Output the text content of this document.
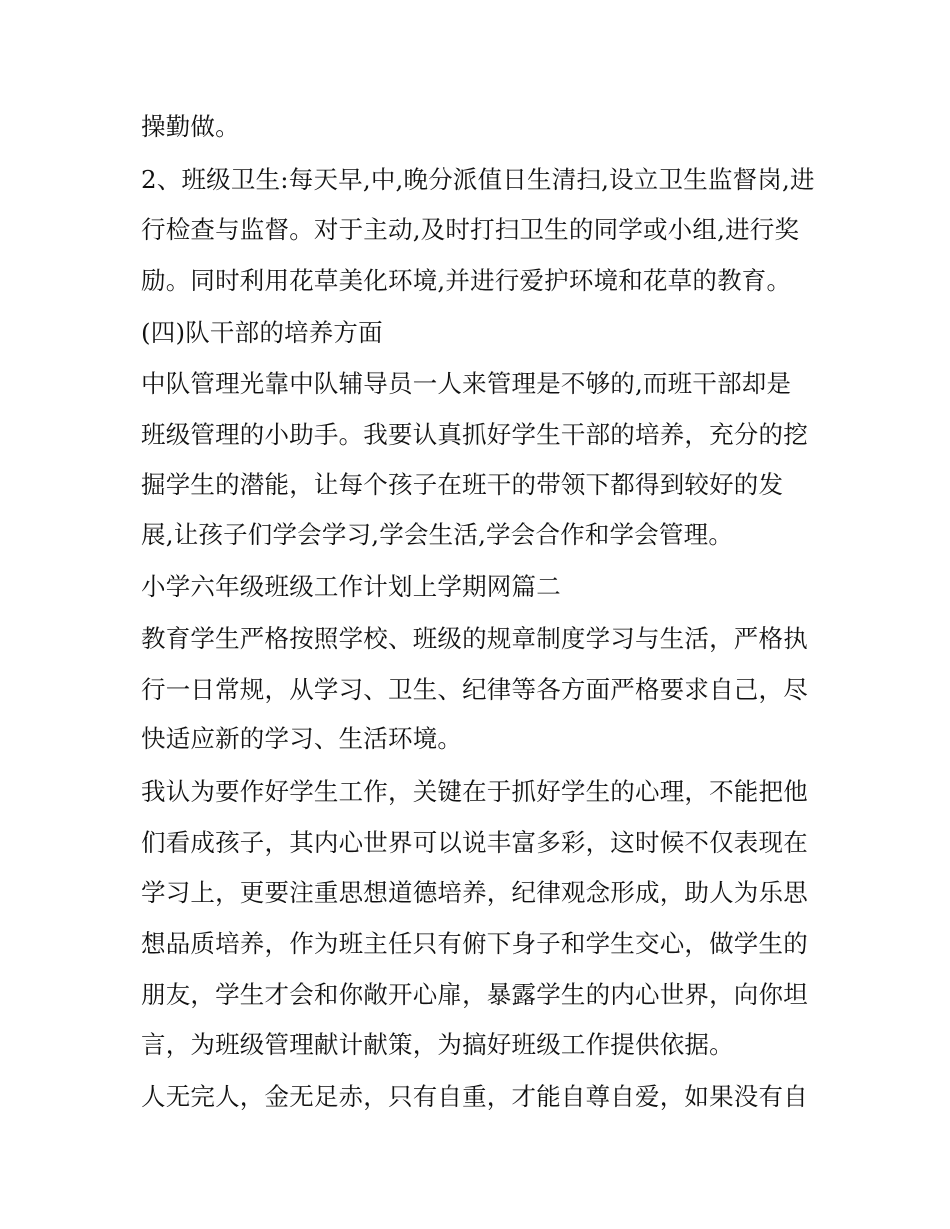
操勤做。
2、班级卫生:每天早,中,晚分派值日生清扫,设立卫生监督岗,进
行检查与监督。对于主动,及时打扫卫生的同学或小组,进行奖
励。同时利用花草美化环境,并进行爱护环境和花草的教育。
(四)队干部的培养方面
中队管理光靠中队辅导员一人来管理是不够的,而班干部却是
班级管理的小助手。我要认真抓好学生干部的培养，充分的挖
掘学生的潜能，让每个孩子在班干的带领下都得到较好的发
展,让孩子们学会学习,学会生活,学会合作和学会管理。
小学六年级班级工作计划上学期网篇二
教育学生严格按照学校、班级的规章制度学习与生活，严格执
行一日常规，从学习、卫生、纪律等各方面严格要求自己，尽
快适应新的学习、生活环境。
我认为要作好学生工作，关键在于抓好学生的心理，不能把他
们看成孩子，其内心世界可以说丰富多彩，这时候不仅表现在
学习上，更要注重思想道德培养，纪律观念形成，助人为乐思
想品质培养，作为班主任只有俯下身子和学生交心，做学生的
朋友，学生才会和你敞开心扉，暴露学生的内心世界，向你坦
言，为班级管理献计献策，为搞好班级工作提供依据。
人无完人，金无足赤，只有自重，才能自尊自爱，如果没有自
